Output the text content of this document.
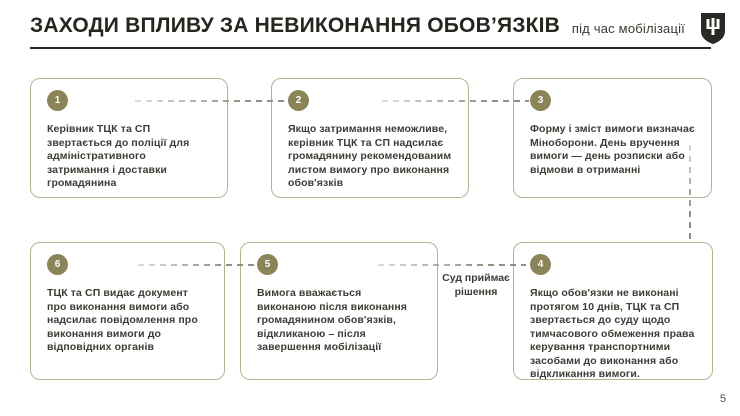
ЗАХОДИ ВПЛИВУ ЗА НЕВИКОНАННЯ ОБОВ’ЯЗКІВ під час мобілізації
1

Керівник ТЦК та СП звертається до поліції для адміністративного затримання і доставки громадянина

2

Якщо затримання неможливе, керівник ТЦК та СП надсилає громадянину рекомендованим листом вимогу про виконання обов'язків

3

Форму і зміст вимоги визначає Міноборони. День вручення вимоги — день розписки або відмови в отриманні

6

ТЦК та СП видає документ про виконання вимоги або надсилає повідомлення про виконання вимоги до відповідних органів

5

Вимога вважається виконаною після виконання громадянином обов'язків, відкликаною – після завершення мобілізації

4

Якщо обов'язки не виконані протягом 10 днів, ТЦК та СП звертається до суду щодо тимчасового обмеження права керування транспортними засобами до виконання або відкликання вимоги.

Суд приймає рішення
5
